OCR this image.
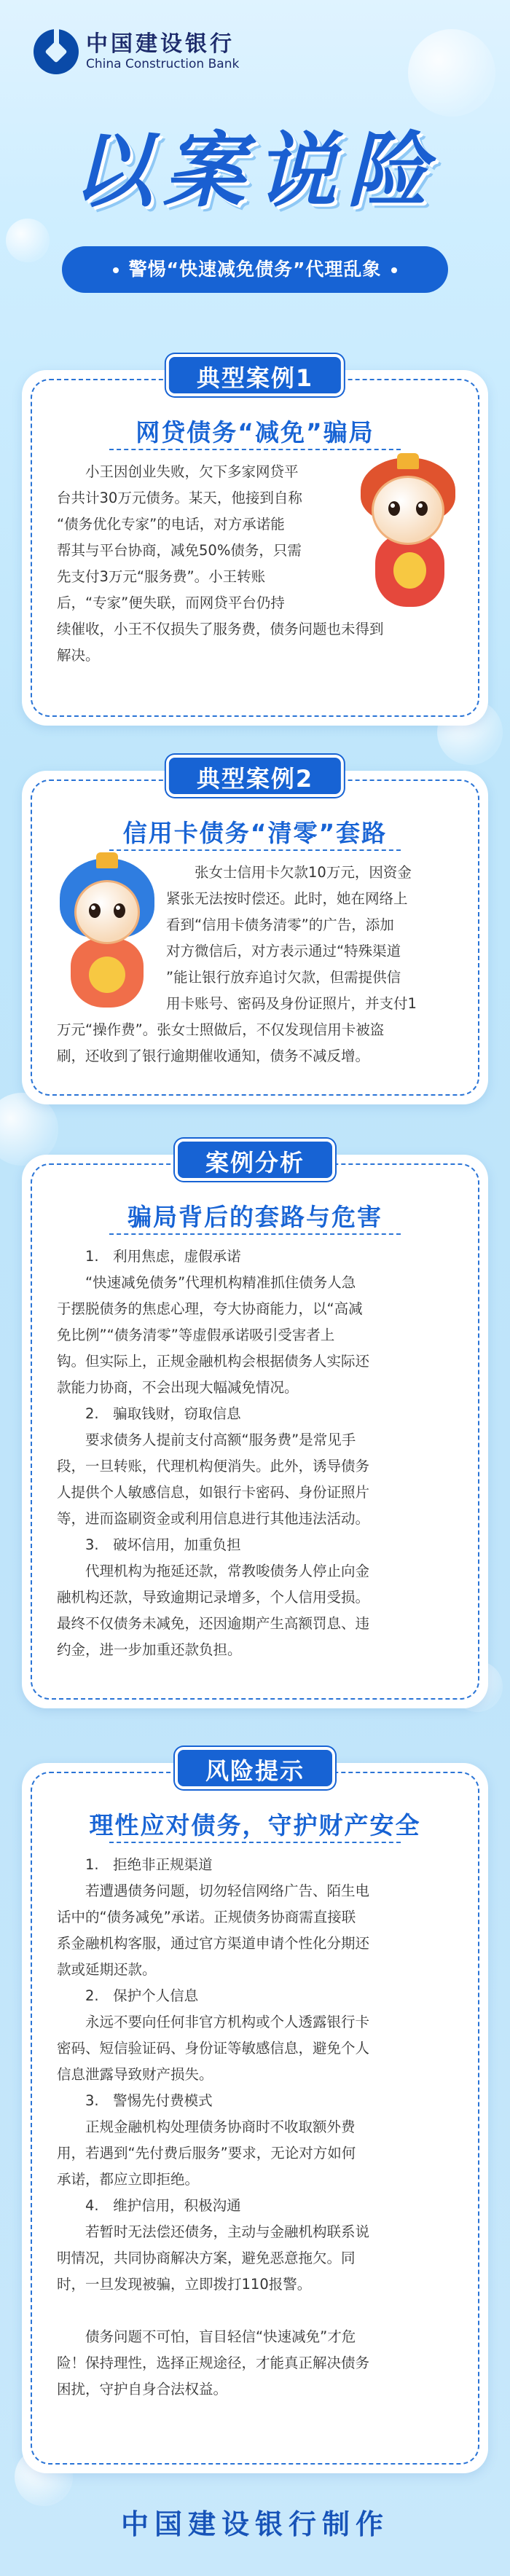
中国建设银行
China Construction Bank
以案说险
警惕“快速减免债务”代理乱象
典型案例1
网贷债务“减免”骗局
小王因创业失败，欠下多家网贷平
台共计30万元债务。某天，他接到自称
“债务优化专家”的电话，对方承诺能
帮其与平台协商，减免50%债务，只需
先支付3万元“服务费”。小王转账
后，“专家”便失联，而网贷平台仍持
续催收，小王不仅损失了服务费，债务问题也未得到
解决。
典型案例2
信用卡债务“清零”套路
张女士信用卡欠款10万元，因资金
紧张无法按时偿还。此时，她在网络上
看到“信用卡债务清零”的广告，添加
对方微信后，对方表示通过“特殊渠道
”能让银行放弃追讨欠款，但需提供信
用卡账号、密码及身份证照片，并支付1
万元“操作费”。张女士照做后，不仅发现信用卡被盗
刷，还收到了银行逾期催收通知，债务不减反增。
案例分析
骗局背后的套路与危害
1.　利用焦虑，虚假承诺
“快速减免债务”代理机构精准抓住债务人急
于摆脱债务的焦虑心理，夸大协商能力，以“高减
免比例”“债务清零”等虚假承诺吸引受害者上
钩。但实际上，正规金融机构会根据债务人实际还
款能力协商，不会出现大幅减免情况。
2.　骗取钱财，窃取信息
要求债务人提前支付高额“服务费”是常见手
段，一旦转账，代理机构便消失。此外，诱导债务
人提供个人敏感信息，如银行卡密码、身份证照片
等，进而盗刷资金或利用信息进行其他违法活动。
3.　破坏信用，加重负担
代理机构为拖延还款，常教唆债务人停止向金
融机构还款，导致逾期记录增多，个人信用受损。
最终不仅债务未减免，还因逾期产生高额罚息、违
约金，进一步加重还款负担。
风险提示
理性应对债务，守护财产安全
1.　拒绝非正规渠道
若遭遇债务问题，切勿轻信网络广告、陌生电
话中的“债务减免”承诺。正规债务协商需直接联
系金融机构客服，通过官方渠道申请个性化分期还
款或延期还款。
2.　保护个人信息
永远不要向任何非官方机构或个人透露银行卡
密码、短信验证码、身份证等敏感信息，避免个人
信息泄露导致财产损失。
3.　警惕先付费模式
正规金融机构处理债务协商时不收取额外费
用，若遇到“先付费后服务”要求，无论对方如何
承诺，都应立即拒绝。
4.　维护信用，积极沟通
若暂时无法偿还债务，主动与金融机构联系说
明情况，共同协商解决方案，避免恶意拖欠。同
时，一旦发现被骗，立即拨打110报警。
债务问题不可怕，盲目轻信“快速减免”才危
险！保持理性，选择正规途径，才能真正解决债务
困扰，守护自身合法权益。
中国建设银行制作
